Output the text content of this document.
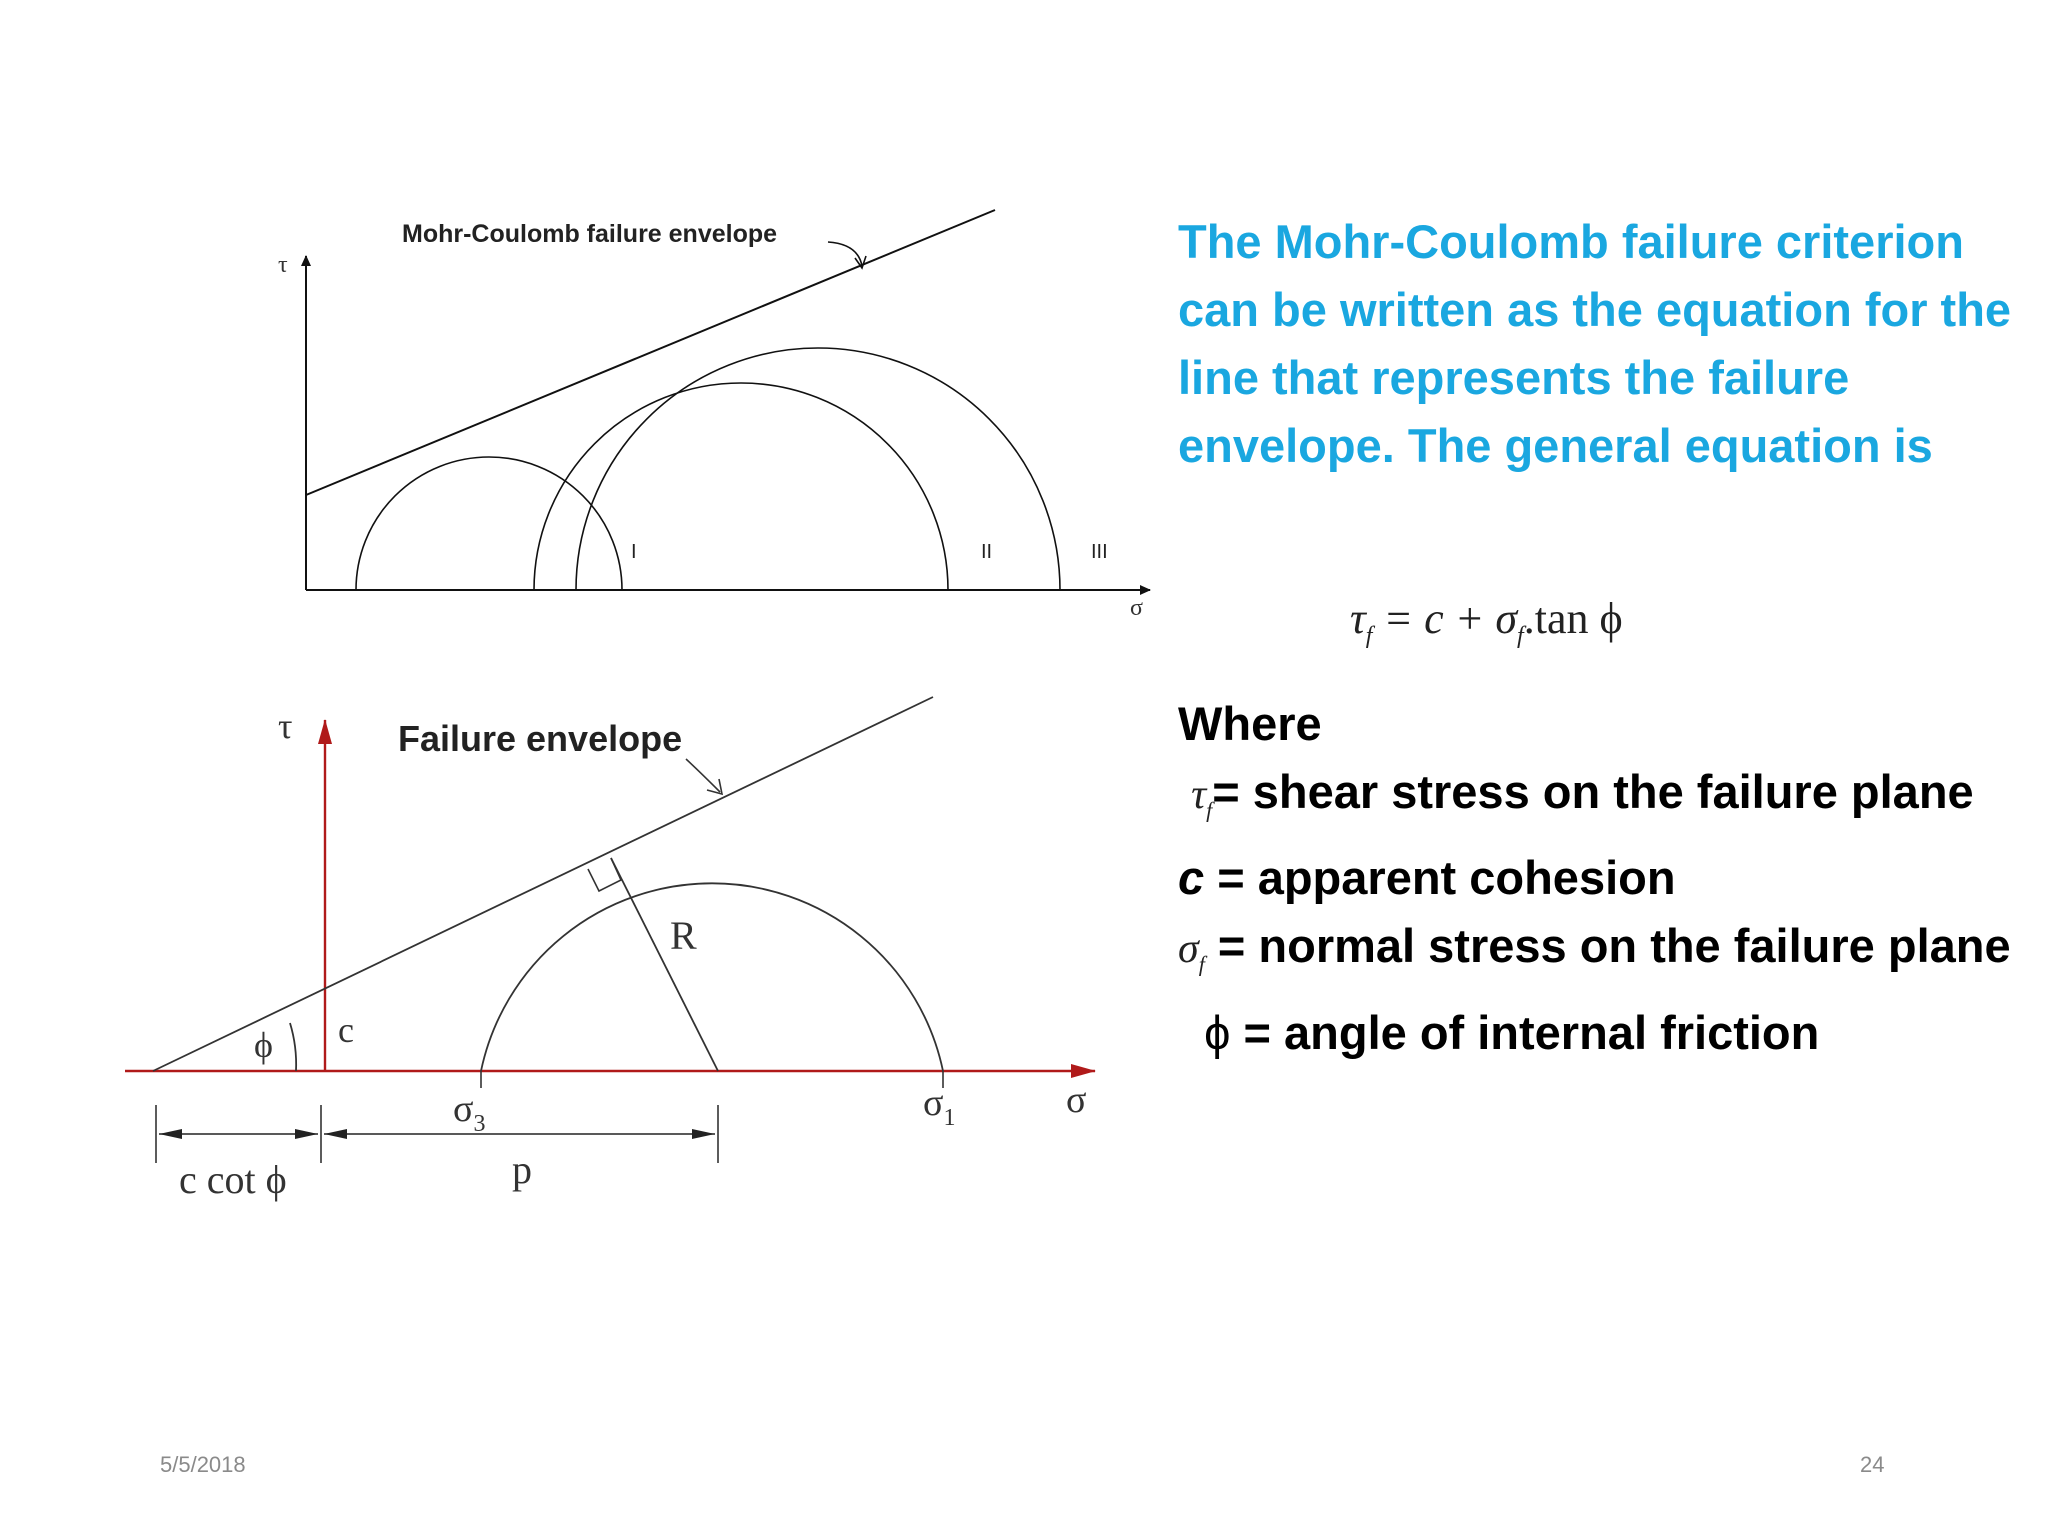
Mohr-Coulomb failure envelope
τ
σ
I	II	III
τ	Failure envelope
R
ϕ c
$\sigma_3$	$\sigma_1$	σ
c cot ϕ	p

The Mohr-Coulomb failure criterion can be written as the equation for the line that represents the failure envelope. The general equation is

$\tau_f = c + \sigma_f.\tan$ ϕ
Where
$\tau_f=$ shear stress on the failure plane
c = apparent cohesion
$\sigma_f$ = normal stress on the failure plane
ϕ = angle of internal friction
5/5/2018	24
